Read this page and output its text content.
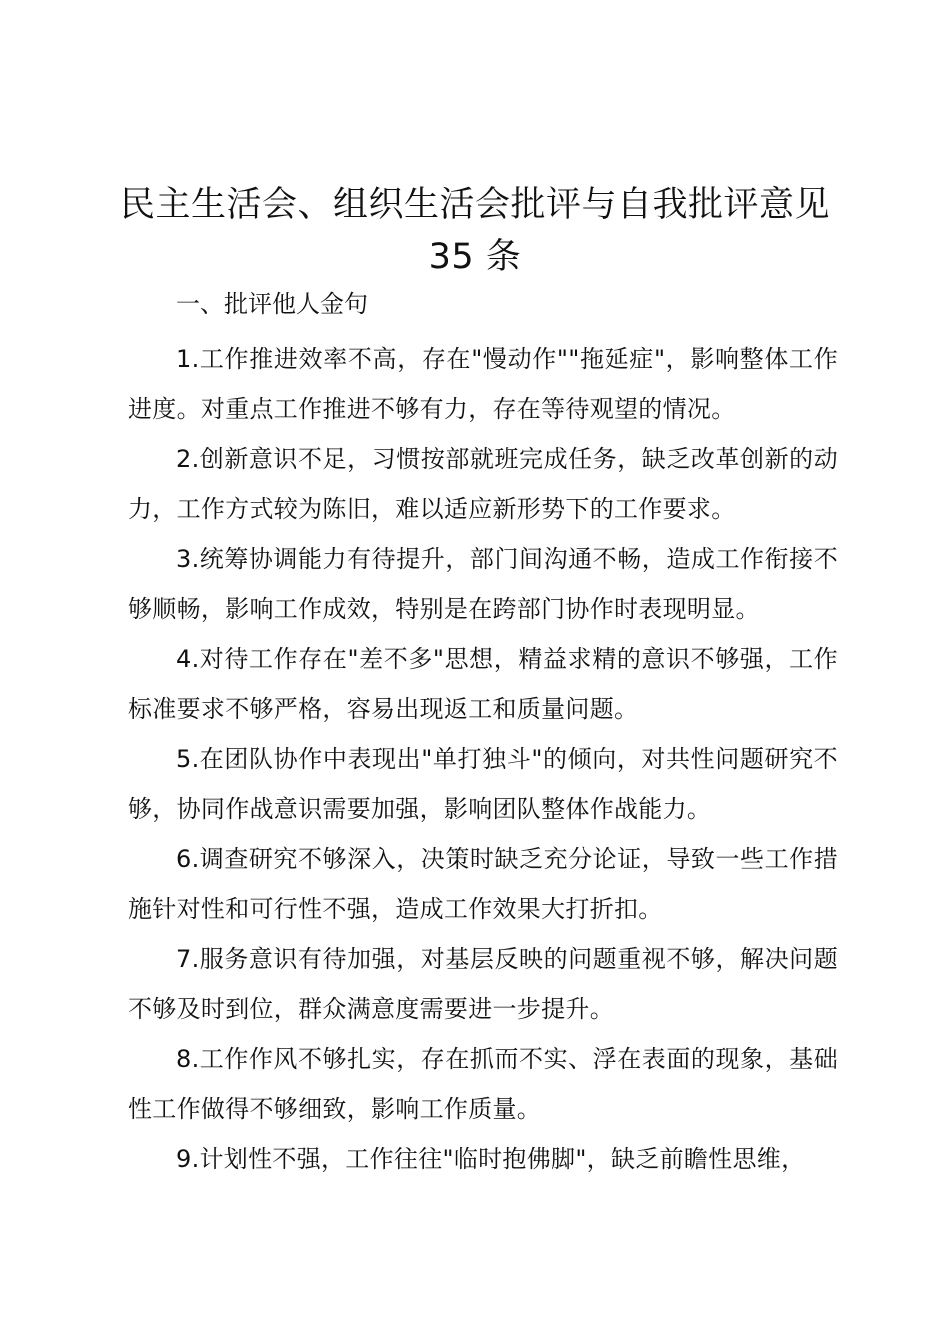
民主生活会、组织生活会批评与自我批评意见
35 条

一、批评他人金句

1.工作推进效率不高，存在"慢动作""拖延症"，影响整体工作进度。对重点工作推进不够有力，存在等待观望的情况。

2.创新意识不足，习惯按部就班完成任务，缺乏改革创新的动力，工作方式较为陈旧，难以适应新形势下的工作要求。

3.统筹协调能力有待提升，部门间沟通不畅，造成工作衔接不够顺畅，影响工作成效，特别是在跨部门协作时表现明显。

4.对待工作存在"差不多"思想，精益求精的意识不够强，工作标准要求不够严格，容易出现返工和质量问题。

5.在团队协作中表现出"单打独斗"的倾向，对共性问题研究不够，协同作战意识需要加强，影响团队整体作战能力。

6.调查研究不够深入，决策时缺乏充分论证，导致一些工作措施针对性和可行性不强，造成工作效果大打折扣。

7.服务意识有待加强，对基层反映的问题重视不够，解决问题不够及时到位，群众满意度需要进一步提升。

8.工作作风不够扎实，存在抓而不实、浮在表面的现象，基础性工作做得不够细致，影响工作质量。

9.计划性不强，工作往往"临时抱佛脚"，缺乏前瞻性思维，
